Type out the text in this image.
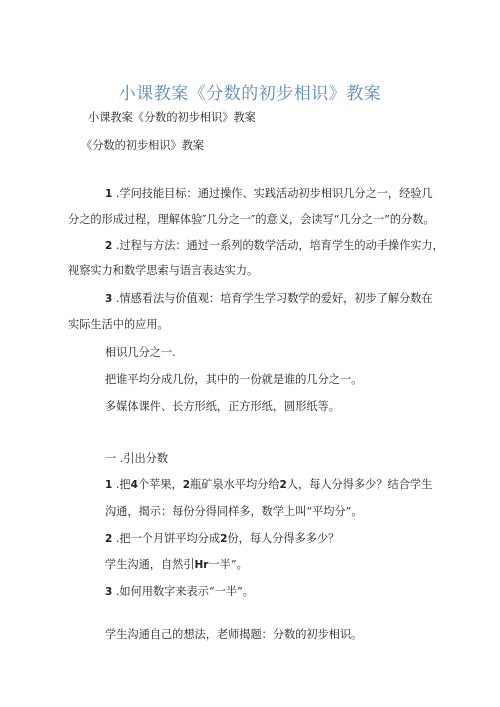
小课教案《分数的初步相识》教案
小课教案《分数的初步相识》教案
《分数的初步相识》教案
1 .学问技能目标：通过操作、实践活动初步相识几分之一，经验几
分之的形成过程，理解体验″几分之一″的意义，会读写“几分之一”的分数。
2 .过程与方法：通过一系列的数学活动，培育学生的动手操作实力，
视察实力和数学思索与语言表达实力。
3 .情感看法与价值观：培育学生学习数学的爱好，初步了解分数在
实际生活中的应用。
相识几分之一.
把谁平均分成几份，其中的一份就是谁的几分之一。
多媒体课件、长方形纸，正方形纸，圆形纸等。
一 .引出分数
1 .把4个苹果，2瓶矿泉水平均分给2人，每人分得多少？结合学生
沟通，揭示：每份分得同样多，数学上叫“平均分”。
2 .把一个月饼平均分成2份，每人分得多多少？
学生沟通，自然引Hr一半”。
3 .如何用数字来表示“一半”。
学生沟通自己的想法，老师揭题：分数的初步相识。
